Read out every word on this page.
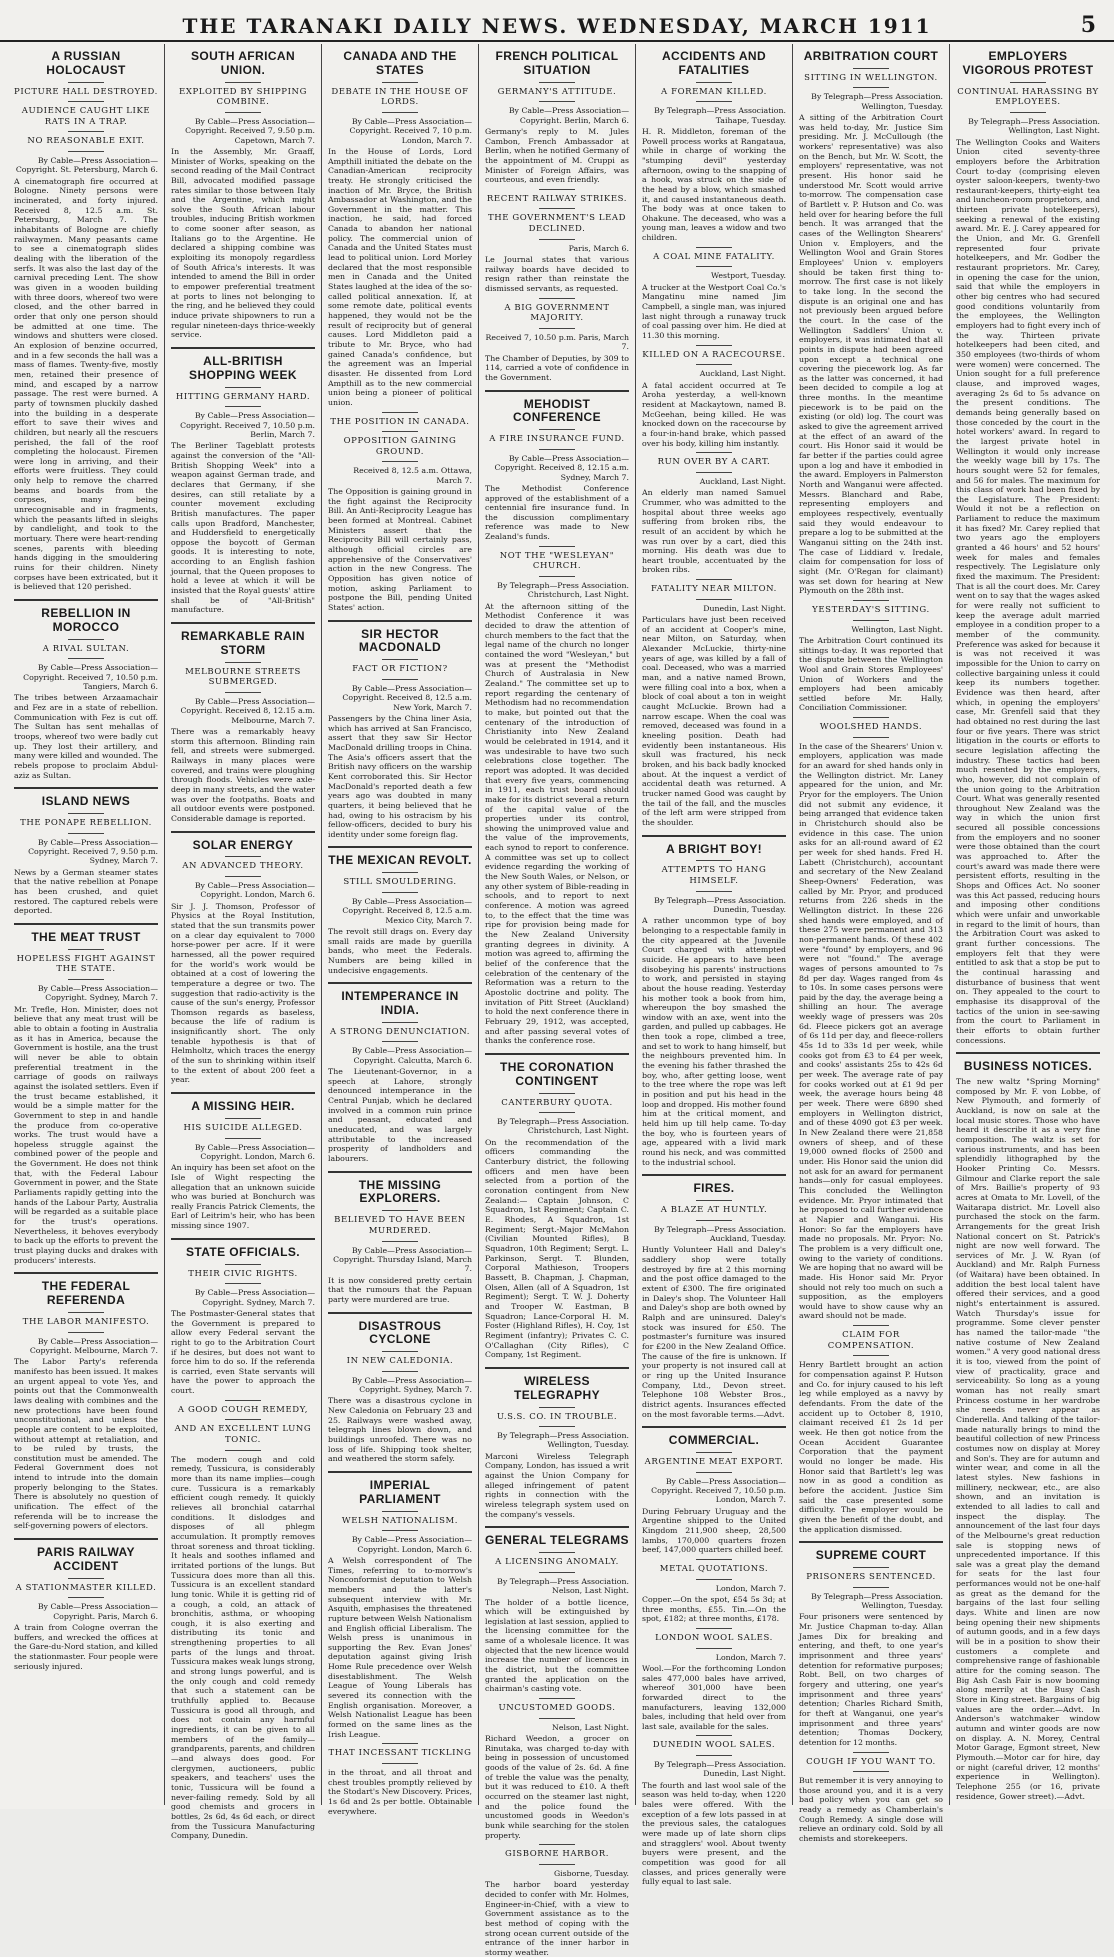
THE TARANAKI DAILY NEWS. WEDNESDAY, MARCH 1911	5
A RUSSIAN HOLOCAUST
PICTURE HALL DESTROYED.
AUDIENCE CAUGHT LIKE RATS IN A TRAP.
NO REASONABLE EXIT.
By Cable—Press Association—Copyright. St. Petersburg, March 6.

A cinematograph fire occurred at Bologne. Ninety persons were incinerated, and forty injured. Received 8, 12.5 a.m. St. Petersburg, March 7. The inhabitants of Bologne are chiefly railwaymen. Many peasants came to see a cinematograph slides dealing with the liberation of the serfs. It was also the last day of the carnival preceding Lent. The show was given in a wooden building with three doors, whereof two were closed, and the other barred in order that only one person should be admitted at one time. The windows and shutters were closed. An explosion of benzine occurred, and in a few seconds the hall was a mass of flames. Twenty-five, mostly men, retained their presence of mind, and escaped by a narrow passage. The rest were burned. A party of townsmen pluckily dashed into the building in a desperate effort to save their wives and children, but nearly all the rescuers perished, the fall of the roof completing the holocaust. Firemen were long in arriving, and their efforts were fruitless. They could only help to remove the charred beams and boards from the corpses, many being unrecognisable and in fragments, which the peasants lifted in sleighs by candlelight, and took to the mortuary. There were heart-rending scenes, parents with bleeding hands digging in the smouldering ruins for their children. Ninety corpses have been extricated, but it is believed that 120 perished.

REBELLION IN MOROCCO
A RIVAL SULTAN.
By Cable—Press Association—Copyright. Received 7, 10.50 p.m. Tangiers, March 6.

The tribes between Arzaamachair and Fez are in a state of rebellion. Communication with Fez is cut off. The Sultan has sent mehallas of troops, whereof two were badly cut up. They lost their artillery, and many were killed and wounded. The rebels propose to proclaim Abdul-aziz as Sultan.

ISLAND NEWS
THE PONAPE REBELLION.
By Cable—Press Association—Copyright. Received 7, 9.50 p.m. Sydney, March 7.

News by a German steamer states that the native rebellion at Ponape has been crushed, and quiet restored. The captured rebels were deported.

THE MEAT TRUST
HOPELESS FIGHT AGAINST THE STATE.
By Cable—Press Association—Copyright. Sydney, March 7.

Mr. Trefle, Hon. Minister, does not believe that any meat trust will be able to obtain a footing in Australia as it has in America, because the Government is hostile, ana the trust will never be able to obtain preferential treatment in the carriage of goods on railways against the isolated settlers. Even if the trust became established, it would be a simple matter for the Government to step in and handle the produce from co-operative works. The trust would have a hopeless struggle against the combined power of the people and the Government. He does not think that, with the Federal Labour Government in power, and the State Parliaments rapidly getting into the hands of the Labour Party, Australia will be regarded as a suitable place for the trust's operations. Nevertheless, it behoves everybody to back up the efforts to prevent the trust playing ducks and drakes with producers' interests.

THE FEDERAL REFERENDA
THE LABOR MANIFESTO.
By Cable—Press Association—Copyright. Melbourne, March 7.

The Labor Party's referenda manifesto has been issued. It makes an urgent appeal to vote Yes, and points out that the Commonwealth laws dealing with combines and the new protections have been found unconstitutional, and unless the people are content to be exploited, without attempt at retaliation, and to be ruled by trusts, the constitution must be amended. The Federal Government does not intend to intrude into the domain properly belonging to the States. There is absolutely no question of unification. The effect of the referenda will be to increase the self-governing powers of electors.

PARIS RAILWAY ACCIDENT
A STATIONMASTER KILLED.
By Cable—Press Association—Copyright. Paris, March 6.

A train from Cologne overran the buffers, and wrecked the offices at the Gare-du-Nord station, and killed the stationmaster. Four people were seriously injured.

SOUTH AFRICAN UNION.
EXPLOITED BY SHIPPING COMBINE.
By Cable—Press Association—Copyright. Received 7, 9.50 p.m. Capetown, March 7.

In the Assembly, Mr. Graaff, Minister of Works, speaking on the second reading of the Mail Contract Bill, advocated modified passage rates similar to those between Italy and the Argentine, which might solve the South African labour troubles, inducing British workmen to come sooner after season, as Italians go to the Argentine. He declared a shipping combine was exploiting its monopoly regardless of South Africa's interests. It was intended to amend the Bill in order to empower preferential treatment at ports to lines not belonging to the ring, and he believed they could induce private shipowners to run a regular nineteen-days thrice-weekly service.

ALL-BRITISH SHOPPING WEEK
HITTING GERMANY HARD.
By Cable—Press Association—Copyright. Received 7, 10.50 p.m. Berlin, March 7.

The Berliner Tageblatt protests against the conversion of the "All-British Shopping Week" into a weapon against German trade, and declares that Germany, if she desires, can still retaliate by a counter movement excluding British manufactures. The paper calls upon Bradford, Manchester, and Huddersfield to energetically oppose the boycott of German goods. It is interesting to note, according to an English fashion journal, that the Queen proposes to hold a levee at which it will be insisted that the Royal guests' attire shall be of "All-British" manufacture.

REMARKABLE RAIN STORM
MELBOURNE STREETS SUBMERGED.
By Cable—Press Association—Copyright. Received 8, 12.15 a.m. Melbourne, March 7.

There was a remarkably heavy storm this afternoon. Blinding rain fell, and streets were submerged. Railways in many places were covered, and trains were ploughing through floods. Vehicles were axle-deep in many streets, and the water was over the footpaths. Boats and all outdoor events were postponed. Considerable damage is reported.

SOLAR ENERGY
AN ADVANCED THEORY.
By Cable—Press Association—Copyright. London, March 6.

Sir J. J. Thomson, Professor of Physics at the Royal Institution, stated that the sun transmits power on a clear day equivalent to 7000 horse-power per acre. If it were harnessed, all the power required for the world's work would be obtained at a cost of lowering the temperature a degree or two. The suggestion that radio-activity is the cause of the sun's energy, Professor Thomson regards as baseless, because the life of radium is insignificantly short. The only tenable hypothesis is that of Helmholtz, which traces the energy of the sun to shrinking within itself to the extent of about 200 feet a year.

A MISSING HEIR.
HIS SUICIDE ALLEGED.
By Cable—Press Association—Copyright. London, March 6.

An inquiry has been set afoot on the Isle of Wight respecting the allegation that an unknown suicide who was buried at Bonchurch was really Francis Patrick Clements, the Earl of Leitrim's heir, who has been missing since 1907.

STATE OFFICIALS.
THEIR CIVIC RIGHTS.
By Cable—Press Association—Copyright. Sydney, March 7.

The Postmaster-General states that the Government is prepared to allow every Federal servant the right to go to the Arbitration Court if he desires, but does not want to force him to do so. If the referenda is carried, even State servants will have the power to approach the court.

A GOOD COUGH REMEDY,
AND AN EXCELLENT LUNG TONIC.

The modern cough and cold remedy, Tussicura, is considerably more than its name implies—cough cure. Tussicura is a remarkably efficient cough remedy. It quickly relieves all bronchial catarrhal conditions. It dislodges and disposes of all phlegm accumulation. It promptly removes throat soreness and throat tickling. It heals and soothes inflamed and irritated portions of the lungs. But Tussicura does more than all this. Tussicura is an excellent standard lung tonic. While it is getting rid of a cough, a cold, an attack of bronchitis, asthma, or whooping cough, it is also exerting and distributing its tonic and strengthening properties to all parts of the lungs and throat. Tussicura makes weak lungs strong, and strong lungs powerful, and is the only cough and cold remedy that such a statement can be truthfully applied to. Because Tussicura is good all through, and does not contain any harmful ingredients, it can be given to all members of the family—grandparents, parents, and children—and always does good. For clergymen, auctioneers, public speakers, and teachers' uses the tonic, Tussicura will be found a never-failing remedy. Sold by all good chemists and grocers in bottles, 2s 6d, 4s 6d each, or direct from the Tussicura Manufacturing Company, Dunedin.

CANADA AND THE STATES
DEBATE IN THE HOUSE OF LORDS.
By Cable—Press Association—Copyright. Received 7, 10 p.m. London, March 7.

In the House of Lords, Lord Ampthill initiated the debate on the Canadian-American reciprocity treaty. He strongly criticised the inaction of Mr. Bryce, the British Ambassador at Washington, and the Government in the matter. This inaction, he said, had forced Canada to abandon her national policy. The commercial union of Canada and the United States must lead to political union. Lord Morley declared that the most responsible men in Canada and the United States laughed at the idea of the so-called political annexation. If, at some remote date, political events happened, they would not be the result of reciprocity but of general causes. Lord Middleton paid a tribute to Mr. Bryce, who had gained Canada's confidence, but the agreement was an Imperial disaster. He dissented from Lord Ampthill as to the new commercial union being a pioneer of political union.

THE POSITION IN CANADA.
OPPOSITION GAINING GROUND.
Received 8, 12.5 a.m. Ottawa, March 7.

The Opposition is gaining ground in the fight against the Reciprocity Bill. An Anti-Reciprocity League has been formed at Montreal. Cabinet Ministers assert that the Reciprocity Bill will certainly pass, although official circles are apprehensive of the Conservatives' action in the new Congress. The Opposition has given notice of motion, asking Parliament to postpone the Bill, pending United States' action.

SIR HECTOR MACDONALD
FACT OR FICTION?
By Cable—Press Association—Copyright. Received 8, 12.5 a.m. New York, March 7.

Passengers by the China liner Asia, which has arrived at San Francisco, assert that they saw Sir Hector MacDonald drilling troops in China. The Asia's officers assert that the British navy officers on the warship Kent corroborated this. Sir Hector MacDonald's reported death a few years ago was doubted in many quarters, it being believed that he had, owing to his ostracism by his fellow-officers, decided to bury his identity under some foreign flag.

THE MEXICAN REVOLT.
STILL SMOULDERING.
By Cable—Press Association—Copyright. Received 8, 12.5 a.m. Mexico City, March 7.

The revolt still drags on. Every day small raids are made by guerilla bands, who meet the Federals. Numbers are being killed in undecisive engagements.

INTEMPERANCE IN INDIA.
A STRONG DENUNCIATION.
By Cable—Press Association—Copyright. Calcutta, March 6.

The Lieutenant-Governor, in a speech at Lahore, strongly denounced intemperance in the Central Punjab, which he declared involved in a common ruin prince and peasant, educated and uneducated, and was largely attributable to the increased prosperity of landholders and labourers.

THE MISSING EXPLORERS.
BELIEVED TO HAVE BEEN MURDERED.
By Cable—Press Association—Copyright. Thursday Island, March 7.

It is now considered pretty certain that the rumours that the Papuan party were murdered are true.

DISASTROUS CYCLONE
IN NEW CALEDONIA.
By Cable—Press Association—Copyright. Sydney, March 7.

There was a disastrous cyclone in New Caledonia on February 23 and 25. Railways were washed away, telegraph lines blown down, and buildings unroofed. There was no loss of life. Shipping took shelter, and weathered the storm safely.

IMPERIAL PARLIAMENT
WELSH NATIONALISM.
By Cable—Press Association—Copyright. London, March 6.

A Welsh correspondent of The Times, referring to to-morrow's Nonconformist deputation to Welsh members and the latter's subsequent interview with Mr. Asquith, emphasises the threatened rupture between Welsh Nationalism and English official Liberalism. The Welsh press is unanimous in supporting the Rev. Evan Jones' deputation against giving Irish Home Rule precedence over Welsh disestablishment. The Welsh League of Young Liberals has severed its connection with the English organisation. Moreover, a Welsh Nationalist League has been formed on the same lines as the Irish League.

THAT INCESSANT TICKLING

in the throat, and all throat and chest troubles promptly relieved by the Stodart's New Discovery. Prices, 1s 6d and 2s per bottle. Obtainable everywhere.

FRENCH POLITICAL SITUATION
GERMANY'S ATTITUDE.
By Cable—Press Association—Copyright. Berlin, March 6.

Germany's reply to M. Jules Cambon, French Ambassador at Berlin, when he notified Germany of the appointment of M. Cruppi as Minister of Foreign Affairs, was courteous, and even friendly.

RECENT RAILWAY STRIKES.
THE GOVERNMENT'S LEAD DECLINED.
Paris, March 6.

Le Journal states that various railway boards have decided to resign rather than reinstate the dismissed servants, as requested.

A BIG GOVERNMENT MAJORITY.
Received 7, 10.50 p.m. Paris, March 7.

The Chamber of Deputies, by 309 to 114, carried a vote of confidence in the Government.

MEHODIST CONFERENCE
A FIRE INSURANCE FUND.
By Cable—Press Association—Copyright. Received 8, 12.15 a.m. Sydney, March 7.

The Methodist Conference approved of the establishment of a centennial fire insurance fund. In the discussion complimentary reference was made to New Zealand's funds.

NOT THE "WESLEYAN" CHURCH.
By Telegraph—Press Association. Christchurch, Last Night.

At the afternoon sitting of the Methodist Conference it was decided to draw the attention of church members to the fact that the legal name of the church no longer contained the word "Wesleyan," but was at present the "Methodist Church of Australasia in New Zealand." The committee set up to report regarding the centenary of Methodism had no recommendation to make, but pointed out that the centenary of the introduction of Christianity into New Zealand would be celebrated in 1914, and it was undesirable to have two such celebrations close together. The report was adopted. It was decided that every five years, commencing in 1911, each trust board should make for its district several a return of the capital value of the properties under its control, showing the unimproved value and the value of the improvements, each synod to report to conference. A committee was set up to collect evidence regarding the working of the New South Wales, or Nelson, or any other system of Bible-reading in schools, and to report to next conference. A motion was agreed to, to the effect that the time was ripe for provision being made for the New Zealand University granting degrees in divinity. A motion was agreed to, affirming the belief of the conference that the celebration of the centenary of the Reformation was a return to the Apostolic doctrine and polity. The invitation of Pitt Street (Auckland) to hold the next conference there in February 29, 1912, was accepted, and after passing several votes of thanks the conference rose.

THE CORONATION CONTINGENT
CANTERBURY QUOTA.
By Telegraph—Press Association. Christchurch, Last Night.

On the recommendation of the officers commanding the Canterbury district, the following officers and men have been selected from a portion of the coronation contingent from New Zealand:— Captain Johnson, C Squadron, 1st Regiment; Captain C. E. Rhodes, A Squadron, 1st Regiment; Sergt.-Major McMahon (Civilian Mounted Rifles), B Squadron, 10th Regiment; Sergt. L. Parkinson, Sergt. T. Blunden, Corporal Mathieson, Troopers Bassett, B. Chapman, J. Chapman, Olsen, Allen (all of A Squadron, 1st Regiment); Sergt. T. W. J. Doherty and Trooper W. Eastman, B Squadron; Lance-Corporal H. M. Foster (Highland Rifles), H. Coy, 1st Regiment (infantry); Privates C. C. O'Callaghan (City Rifles), C Company, 1st Regiment.

WIRELESS TELEGRAPHY
U.S.S. CO. IN TROUBLE.
By Telegraph—Press Association. Wellington, Tuesday.

Marconi Wireless Telegraph Company, London, has issued a writ against the Union Company for alleged infringement of patent rights in connection with the wireless telegraph system used on the company's vessels.

GENERAL TELEGRAMS
A LICENSING ANOMALY.
By Telegraph—Press Association. Nelson, Last Night.

The holder of a bottle licence, which will be extinguished by legislation at last session, applied to the licensing committee for the same of a wholesale licence. It was objected that the new licence would increase the number of licences in the district, but the committee granted the application on the chairman's casting vote.

UNCUSTOMED GOODS.
Nelson, Last Night.

Richard Weedon, a grocer on Rinutaka, was charged to-day with being in possession of uncustomed goods of the value of 2s. 6d. A fine of treble the value was the penalty, but it was reduced to £10. A theft occurred on the steamer last night, and the police found the uncustomed goods in Weedon's bunk while searching for the stolen property.

GISBORNE HARBOR.
Gisborne, Tuesday.

The harbor board yesterday decided to confer with Mr. Holmes, Engineer-in-Chief, with a view to Government assistance as to the best method of coping with the strong ocean current outside of the entrance of the inner harbor in stormy weather.

ACCIDENTS AND FATALITIES
A FOREMAN KILLED.
By Telegraph—Press Association. Taihape, Tuesday.

H. R. Middleton, foreman of the Powell process works at Rangataua, while in charge of working the "stumping devil" yesterday afternoon, owing to the snapping of a hook, was struck on the side of the head by a blow, which smashed it, and caused instantaneous death. The body was at once taken to Ohakune. The deceased, who was a young man, leaves a widow and two children.

A COAL MINE FATALITY.
Westport, Tuesday.

A trucker at the Westport Coal Co.'s Mangatinu mine named Jim Campbell, a single man, was injured last night through a runaway truck of coal passing over him. He died at 11.30 this morning.

KILLED ON A RACECOURSE.
Auckland, Last Night.

A fatal accident occurred at Te Aroha yesterday, a well-known resident at Mackaytown, named B. McGeehan, being killed. He was knocked down on the racecourse by a four-in-hand brake, which passed over his body, killing him instantly.

RUN OVER BY A CART.
Auckland, Last Night.

An elderly man named Samuel Crummer, who was admitted to the hospital about three weeks ago suffering from broken ribs, the result of an accident by which he was run over by a cart, died this morning. His death was due to heart trouble, accentuated by the broken ribs.

FATALITY NEAR MILTON.
Dunedin, Last Night.

Particulars have just been received of an accident at Cooper's mine, near Milton, on Saturday, when Alexander McLuckie, thirty-nine years of age, was killed by a fall of coal. Deceased, who was a married man, and a native named Brown, were filling coal into a box, when a block of coal about a ton in weight caught McLuckie. Brown had a narrow escape. When the coal was removed, deceased was found in a kneeling position. Death had evidently been instantaneous. His skull was fractured, his neck broken, and his back badly knocked about. At the inquest a verdict of accidental death was returned. A trucker named Good was caught by the tail of the fall, and the muscles of the left arm were stripped from the shoulder.

A BRIGHT BOY!
ATTEMPTS TO HANG HIMSELF.
By Telegraph—Press Association. Dunedin, Tuesday.

A rather uncommon type of boy belonging to a respectable family in the city appeared at the Juvenile Court charged with attempted suicide. He appears to have been disobeying his parents' instructions to work, and persisted in staying about the house reading. Yesterday his mother took a book from him, whereupon the boy smashed the window with an axe, went into the garden, and pulled up cabbages. He then took a rope, climbed a tree, and set to work to hang himself, but the neighbours prevented him. In the evening his father thrashed the boy, who, after getting loose, went to the tree where the rope was left in position and put his head in the loop and dropped. His mother found him at the critical moment, and held him up till help came. To-day the boy, who is fourteen years of age, appeared with a livid mark round his neck, and was committed to the industrial school.

FIRES.
A BLAZE AT HUNTLY.
By Telegraph—Press Association. Auckland, Tuesday.

Huntly Volunteer Hall and Daley's saddlery shop were totally destroyed by fire at 2 this morning and the post office damaged to the extent of £300. The fire originated in Daley's shop. The Volunteer Hall and Daley's shop are both owned by Ralph and are uninsured. Daley's stock was insured for £50. The postmaster's furniture was insured for £200 in the New Zealand Office. The cause of the fire is unknown. If your property is not insured call at or ring up the United Insurance Company, Ltd., Devon street. Telephone 108 Webster Bros., district agents. Insurances effected on the most favorable terms.—Advt.

COMMERCIAL.
ARGENTINE MEAT EXPORT.
By Cable—Press Association—Copyright. Received 7, 10.50 p.m. London, March 7.

During February Uruguay and the Argentine shipped to the United Kingdom 211,900 sheep, 28,500 lambs, 170,000 quarters frozen beef, 147,000 quarters chilled beef.

METAL QUOTATIONS.
London, March 7.

Copper.—On the spot, £54 5s 3d; at three months, £55. Tin.—On the spot, £182; at three months, £178.

LONDON WOOL SALES.
London, March 7.

Wool.—For the forthcoming London sales 477,000 bales have arrived, whereof 301,000 have been forwarded direct to the manufacturers, leaving 132,000 bales, including that held over from last sale, available for the sales.

DUNEDIN WOOL SALES.
By Telegraph—Press Association. Dunedin, Last Night.

The fourth and last wool sale of the season was held to-day, when 1220 bales were offered. With the exception of a few lots passed in at the previous sales, the catalogues were made up of late shorn clips and stragglers' wool. About twenty buyers were present, and the competition was good for all classes, and prices generally were fully equal to last sale.

ARBITRATION COURT
SITTING IN WELLINGTON.
By Telegraph—Press Association. Wellington, Tuesday.

A sitting of the Arbitration Court was held to-day, Mr. Justice Sim presiding. Mr. J. McCullough (the workers' representative) was also on the Bench, but Mr. W. Scott, the employers' representative, was not present. His honor said he understood Mr. Scott would arrive to-morrow. The compensation case of Bartlett v. P. Hutson and Co. was held over for hearing before the full bench. It was arranged that the cases of the Wellington Shearers' Union v. Employers, and the Wellington Wool and Grain Stores Employees' Union v. employers should be taken first thing to-morrow. The first case is not likely to take long. In the second the dispute is an original one and has not previously been argued before the court. In the case of the Wellington Saddlers' Union v. employers, it was intimated that all points in dispute had been agreed upon except a technical one covering the piecework log. As far as the latter was concerned, it had been decided to compile a log at three months. In the meantime piecework is to be paid on the existing (or old) log. The court was asked to give the agreement arrived at the effect of an award of the court. His Honor said it would be far better if the parties could agree upon a log and have it embodied in the award. Employers in Palmerston North and Wanganui were affected. Messrs. Blanchard and Rabe, representing employers and employees respectively, eventually said they would endeavour to prepare a log to be submitted at the Wanganui sitting on the 24th inst. The case of Liddiard v. Iredale, claim for compensation for loss of sight (Mr. O'Regan for claimant) was set down for hearing at New Plymouth on the 28th inst.

YESTERDAY'S SITTING.
Wellington, Last Night.

The Arbitration Court continued its sittings to-day. It was reported that the dispute between the Wellington Wool and Grain Stores Employees' Union of Workers and the employers had been amicably settled before Mr. Hally, Conciliation Commissioner.

WOOLSHED HANDS.

In the case of the Shearers' Union v. employers, application was made for an award for shed hands only in the Wellington district. Mr. Laney appeared for the union, and Mr. Pryor for the employers. The Union did not submit any evidence, it being arranged that evidence taken in Christchurch should also be evidence in this case. The union asks for an all-round award of £2 per week for shed hands. Fred H. Labett (Christchurch), accountant and secretary of the New Zealand Sheep-Owners' Federation, was called by Mr. Pryor, and produced returns from 226 sheds in the Wellington district. In these 226 shed hands were employed, and of these 275 were permanent and 313 non-permanent hands. Of these 402 were "found" by employers, and 96 were not "found." The average wages of persons amounted to 7s 8d per day. Wages ranged from 4s to 10s. In some cases persons were paid by the day, the average being a shilling an hour. The average weekly wage of pressers was 20s 6d. Fleece pickers got an average of 6s 11d per day, and fleece-rollers 45s 1d to 33s 1d per week, while cooks got from £3 to £4 per week, and cooks' assistants 25s to 42s 6d per week. The average rate of pay for cooks worked out at £1 9d per week, the average hours being 48 per week. There were 6890 shed employers in Wellington district, and of these 4090 got £3 per week. In New Zealand there were 21,858 owners of sheep, and of these 19,000 owned flocks of 2500 and under. His Honor said the union did not ask for an award for permanent hands—only for casual employees. This concluded the Wellington evidence. Mr. Pryor intimated that he proposed to call further evidence at Napier and Wanganui. His Honor: So far the employers have made no proposals. Mr. Pryor: No. The problem is a very difficult one, owing to the variety of conditions. We are hoping that no award will be made. His Honor said Mr. Pryor should not rely too much on such a supposition, as the employers would have to show cause why an award should not be made.

CLAIM FOR COMPENSATION.

Henry Bartlett brought an action for compensation against P. Hutson and Co. for injury caused to his left leg while employed as a navvy by defendants. From the date of the accident up to October 8, 1910, claimant received £1 2s 1d per week. He then got notice from the Ocean Accident Guarantee Corporation that the payment would no longer be made. His Honor said that Bartlett's leg was now in as good a condition as before the accident. Justice Sim said the case presented some difficulty. The employer would be given the benefit of the doubt, and the application dismissed.

SUPREME COURT
PRISONERS SENTENCED.
By Telegraph—Press Association. Wellington, Tuesday.

Four prisoners were sentenced by Mr. Justice Chapman to-day. Allan James Dix for breaking and entering, and theft, to one year's imprisonment and three years' detention for reformative purposes; Robt. Bell, on two charges of forgery and uttering, one year's imprisonment and three years' detention; Charles Richard Smith, for theft at Wanganui, one year's imprisonment and three years' detention; Thomas Dockery, detention for 12 months.

COUGH IF YOU WANT TO.

But remember it is very annoying to those around you, and it is a very bad policy when you can get so ready a remedy as Chamberlain's Cough Remedy. A single dose will relieve an ordinary cold. Sold by all chemists and storekeepers.

EMPLOYERS VIGOROUS PROTEST
CONTINUAL HARASSING BY EMPLOYEES.
By Telegraph—Press Association. Wellington, Last Night.

The Wellington Cooks and Waiters Union cited seventy-three employers before the Arbitration Court to-day (comprising eleven oyster saloon-keepers, twenty-two restaurant-keepers, thirty-eight tea and luncheon-room proprietors, and thirteen private hotelkeepers), seeking a renewal of the existing award. Mr. E. J. Carey appeared for the Union, and Mr. G. Grenfell represented four private hotelkeepers, and Mr. Godber the restaurant proprietors. Mr. Carey, in opening the case for the union, said that while the employers in other big centres who had secured good conditions voluntarily from the employees, the Wellington employers had to fight every inch of the way. Thirteen private hotelkeepers had been cited, and 350 employees (two-thirds of whom were women) were concerned. The Union sought for a full preference clause, and improved wages, averaging 2s 6d to 5s advance on the present conditions. The demands being generally based on those conceded by the court in the hotel workers' award. In regard to the largest private hotel in Wellington it would only increase the weekly wage bill by 17s. The hours sought were 52 for females, and 56 for males. The maximum for this class of work had been fixed by the Legislature. The President: Would it not be a reflection on Parliament to reduce the maximum it has fixed? Mr. Carey replied that two years ago the employers granted a 46 hours' and 52 hours' week for males and females respectively. The Legislature only fixed the maximum. The President: That is all the court does. Mr. Carey went on to say that the wages asked for were really not sufficient to keep the average adult married employee in a condition proper to a member of the community. Preference was asked for because it is was not received it was impossible for the Union to carry on collective bargaining unless it could keep its numbers together. Evidence was then heard, after which, in opening the employers' case, Mr. Grenfell said that they had obtained no rest during the last four or five years. There was strict litigation in the courts or efforts to secure legislation affecting the industry. These tactics had been much resented by the employers, who, however, did not complain of the union going to the Arbitration Court. What was generally resented throughout New Zealand was the way in which the union first secured all possible concessions from the employers and no sooner were those obtained than the court was approached to. After the court's award was made there were persistent efforts, resulting in the Shops and Offices Act. No sooner was this Act passed, reducing hours and imposing other conditions which were unfair and unworkable in regard to the limit of hours, than the Arbitration Court was asked to grant further concessions. The employers felt that they were entitled to ask that a stop be put to the continual harassing and disturbance of business that went on. They appealed to the court to emphasise its disapproval of the tactics of the union in see-sawing from the court to Parliament in their efforts to obtain further concessions.

BUSINESS NOTICES.

The new waltz "Spring Morning" composed by Mr. F. von Lobbe, of New Plymouth, and formerly of Auckland, is now on sale at the local music stores. Those who have heard it describe it as a very fine composition. The waltz is set for various instruments, and has been splendidly lithographed by the Hooker Printing Co. Messrs. Gilmour and Clarke report the sale of Mrs. Baillie's property of 93 acres at Omata to Mr. Lovell, of the Waitarapa district. Mr. Lovell also purchased the stock on the farm. Arrangements for the great Irish National concert on St. Patrick's night are now well forward. The services of Mr. J. W. Ryan (of Auckland) and Mr. Ralph Furness (of Waitara) have been obtained. In addition the best local talent have offered their services, and a good night's entertainment is assured. Watch Thursday's issue for programme. Some clever penster has named the tailor-made "the native costume of New Zealand women." A very good national dress it is too, viewed from the point of view of practicality, grace and serviceability. So long as a young woman has not really smart Princess costume in her wardrobe she needs never appear as Cinderella. And talking of the tailor-made naturally brings to mind the beautiful collection of new Princess costumes now on display at Morey and Son's. They are for autumn and winter wear, and come in all the latest styles. New fashions in millinery, neckwear, etc., are also shown, and an invitation is extended to all ladies to call and inspect the display. The announcement of the last four days of the Melbourne's great reduction sale is stopping news of unprecedented importance. If this sale was a great play the demand for seats for the last four performances would not be one-half as great as the demand for the bargains of the last four selling days. White and linen are now being opening their new shipments of autumn goods, and in a few days will be in a position to show their customers a complete and comprehensive range of fashionable attire for the coming season. The Big Ash Cash Fair is now booming along merrily at the Busy Cash Store in King street. Bargains of big values are the order.—Advt. In Anderson's watchmaker window autumn and winter goods are now on display. A. N. Morey, Central Motor Garage, Egmont street, New Plymouth.—Motor car for hire, day or night (careful driver, 12 months' experience in Wellington). Telephone 255 (or 16, private residence, Gower street).—Advt.
